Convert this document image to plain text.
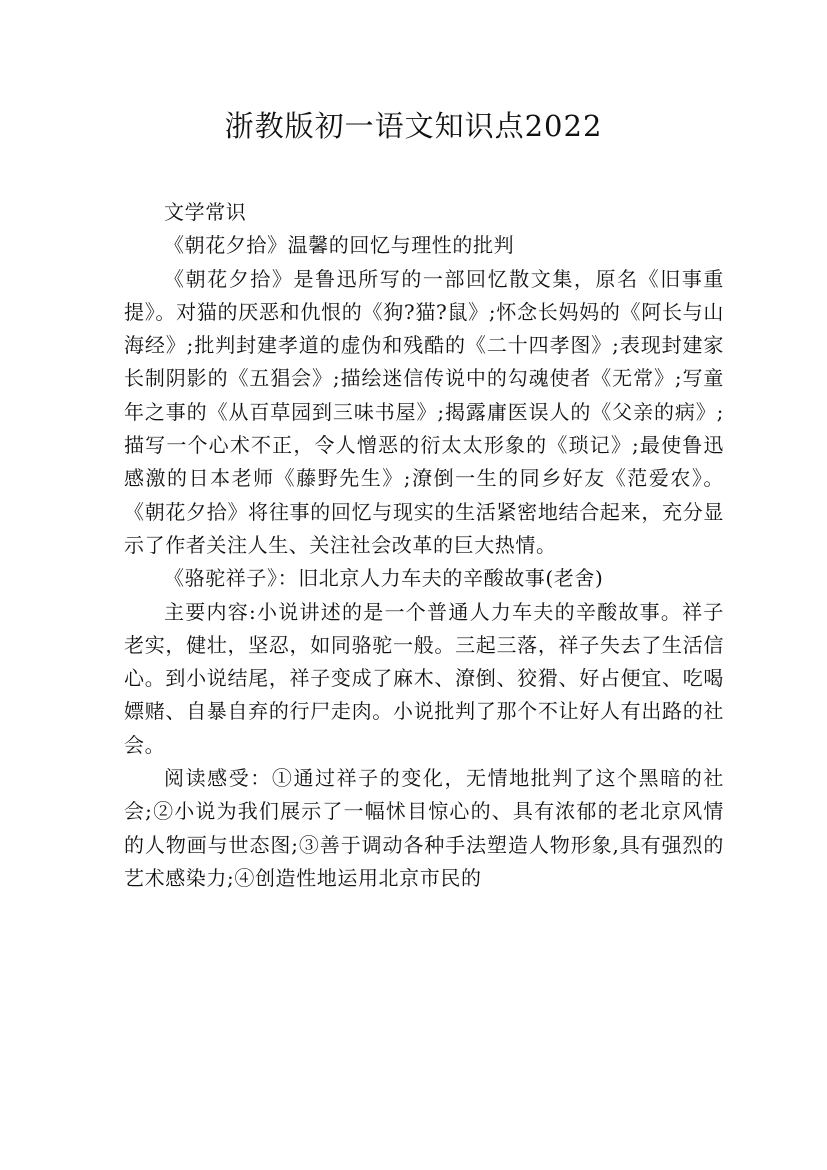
浙教版初一语文知识点2022

文学常识

《朝花夕拾》温馨的回忆与理性的批判

《朝花夕拾》是鲁迅所写的一部回忆散文集，原名《旧事重提》。对猫的厌恶和仇恨的《狗?猫?鼠》;怀念长妈妈的《阿长与山海经》;批判封建孝道的虚伪和残酷的《二十四孝图》;表现封建家长制阴影的《五猖会》;描绘迷信传说中的勾魂使者《无常》;写童年之事的《从百草园到三味书屋》;揭露庸医误人的《父亲的病》;描写一个心术不正，令人憎恶的衍太太形象的《琐记》;最使鲁迅感激的日本老师《藤野先生》;潦倒一生的同乡好友《范爱农》。《朝花夕拾》将往事的回忆与现实的生活紧密地结合起来，充分显示了作者关注人生、关注社会改革的巨大热情。

《骆驼祥子》：旧北京人力车夫的辛酸故事(老舍)

主要内容:小说讲述的是一个普通人力车夫的辛酸故事。祥子老实，健壮，坚忍，如同骆驼一般。三起三落，祥子失去了生活信心。到小说结尾，祥子变成了麻木、潦倒、狡猾、好占便宜、吃喝嫖赌、自暴自弃的行尸走肉。小说批判了那个不让好人有出路的社会。

阅读感受：①通过祥子的变化，无情地批判了这个黑暗的社会;②小说为我们展示了一幅怵目惊心的、具有浓郁的老北京风情的人物画与世态图;③善于调动各种手法塑造人物形象,具有强烈的艺术感染力;④创造性地运用北京市民的
